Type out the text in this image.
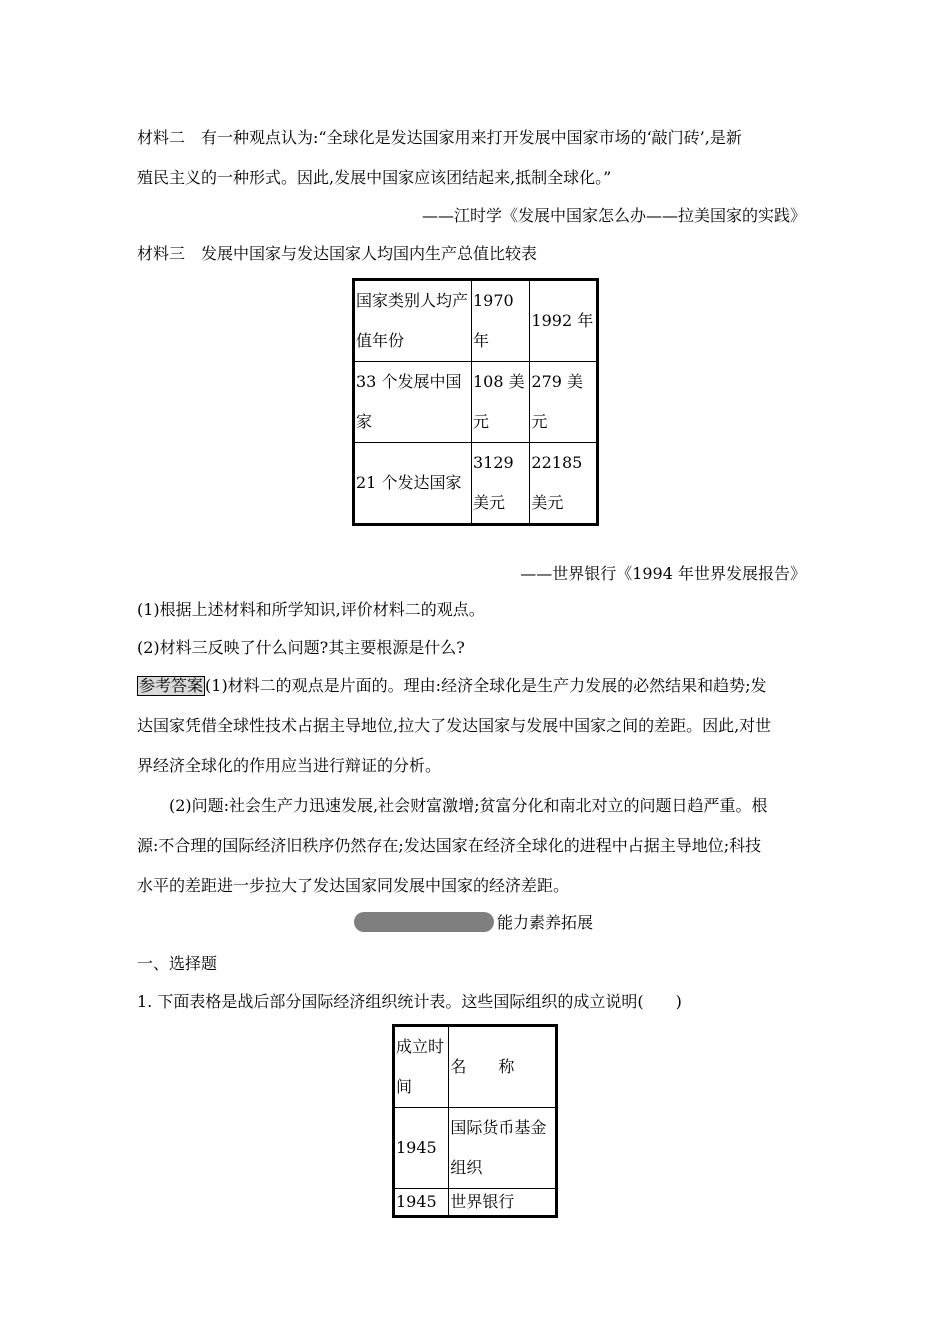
材料二　有一种观点认为:“全球化是发达国家用来打开发展中国家市场的‘敲门砖’,是新
殖民主义的一种形式。因此,发展中国家应该团结起来,抵制全球化。”
——江时学《发展中国家怎么办——拉美国家的实践》
材料三　发展中国家与发达国家人均国内生产总值比较表
国家类别人均产值年份	1970 年	1992 年
33 个发展中国家	108 美元	279 美元
21 个发达国家	3129 美元	22185 美元
——世界银行《1994 年世界发展报告》
(1)根据上述材料和所学知识,评价材料二的观点。
(2)材料三反映了什么问题?其主要根源是什么?
参考答案 (1)材料二的观点是片面的。理由:经济全球化是生产力发展的必然结果和趋势;发
达国家凭借全球性技术占据主导地位,拉大了发达国家与发展中国家之间的差距。因此,对世
界经济全球化的作用应当进行辩证的分析。
(2)问题:社会生产力迅速发展,社会财富激增;贫富分化和南北对立的问题日趋严重。根
源:不合理的国际经济旧秩序仍然存在;发达国家在经济全球化的进程中占据主导地位;科技
水平的差距进一步拉大了发达国家同发展中国家的经济差距。
能力素养拓展
一、选择题
1. 下面表格是战后部分国际经济组织统计表。这些国际组织的成立说明(　　)
成立时间	名　　称
1945	国际货币基金组织
1945	世界银行
